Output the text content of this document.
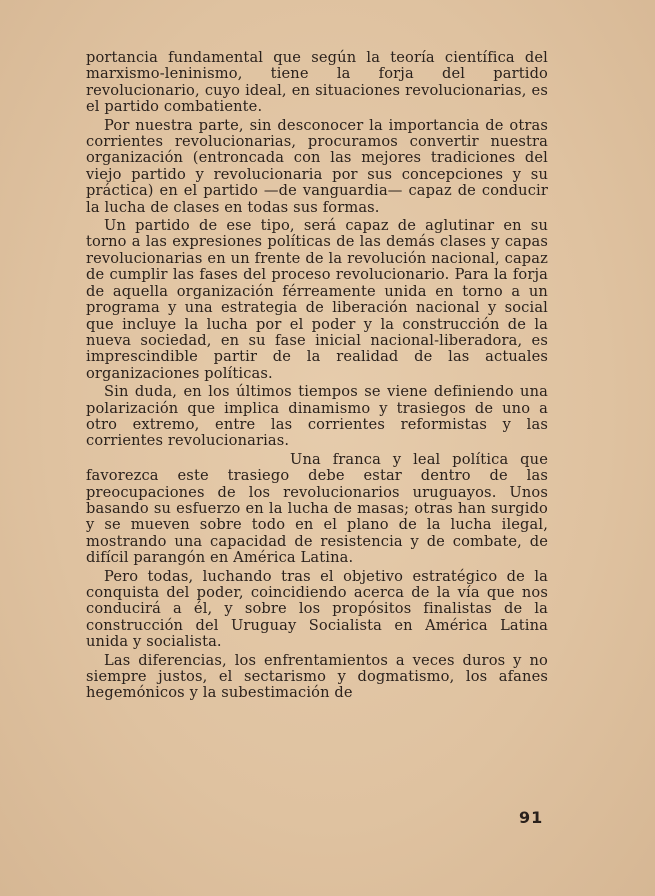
portancia fundamental que según la teoría científica del marxismo-leninismo, tiene la forja del partido revolucionario, cuyo ideal, en situaciones revolucionarias, es el partido combatiente.

Por nuestra parte, sin desconocer la importancia de otras corrientes revolucionarias, procuramos convertir nuestra organización (entroncada con las mejores tradiciones del viejo partido y revolucionaria por sus concepciones y su práctica) en el partido —de vanguardia— capaz de conducir la lucha de clases en todas sus formas.

Un partido de ese tipo, será capaz de aglutinar en su torno a las expresiones políticas de las demás clases y capas revolucionarias en un frente de la revolución nacional, capaz de cumplir las fases del proceso revolucionario. Para la forja de aquella organización férreamente unida en torno a un programa y una estrategia de liberación nacional y social que incluye la lucha por el poder y la construcción de la nueva sociedad, en su fase inicial nacional-liberadora, es imprescindible partir de la realidad de las actuales organizaciones políticas.

Sin duda, en los últimos tiempos se viene definiendo una polarización que implica dinamismo y trasiegos de uno a otro extremo, entre las corrientes reformistas y las corrientes revolucionarias.

Una franca y leal política que favorezca este trasiego debe estar dentro de las preocupaciones de los revolucionarios uruguayos. Unos basando su esfuerzo en la lucha de masas; otras han surgido y se mueven sobre todo en el plano de la lucha ilegal, mostrando una capacidad de resistencia y de combate, de difícil parangón en América Latina.

Pero todas, luchando tras el objetivo estratégico de la conquista del poder, coincidiendo acerca de la vía que nos conducirá a él, y sobre los propósitos finalistas de la construcción del Uruguay Socialista en América Latina unida y socialista.

Las diferencias, los enfrentamientos a veces duros y no siempre justos, el sectarismo y dogmatismo, los afanes hegemónicos y la subestimación de

91
